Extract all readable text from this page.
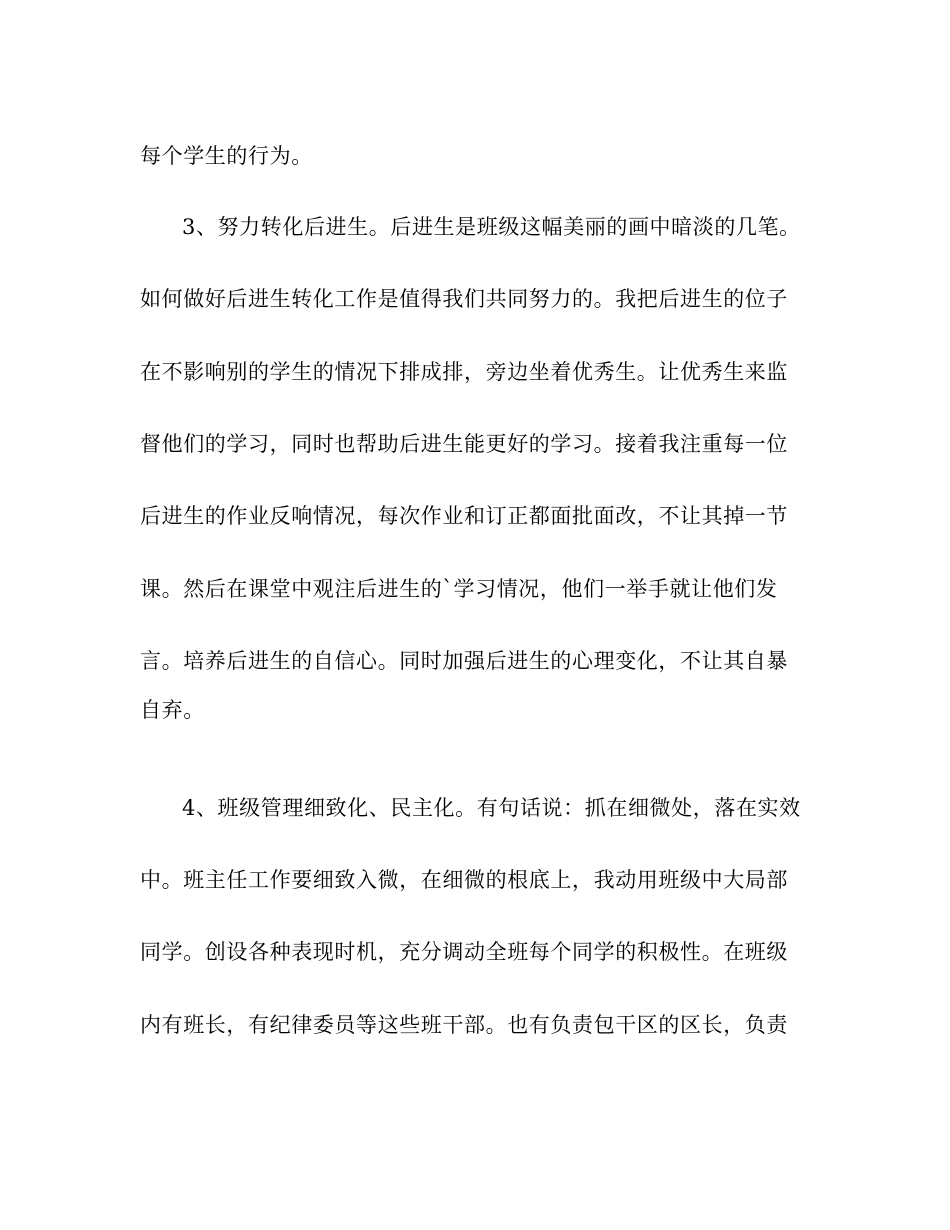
每个学生的行为。
3、努力转化后进生。后进生是班级这幅美丽的画中暗淡的几笔。
如何做好后进生转化工作是值得我们共同努力的。我把后进生的位子
在不影响别的学生的情况下排成排，旁边坐着优秀生。让优秀生来监
督他们的学习，同时也帮助后进生能更好的学习。接着我注重每一位
后进生的作业反响情况，每次作业和订正都面批面改，不让其掉一节
课。然后在课堂中观注后进生的`学习情况，他们一举手就让他们发
言。培养后进生的自信心。同时加强后进生的心理变化，不让其自暴
自弃。
4、班级管理细致化、民主化。有句话说：抓在细微处，落在实效
中。班主任工作要细致入微，在细微的根底上，我动用班级中大局部
同学。创设各种表现时机，充分调动全班每个同学的积极性。在班级
内有班长，有纪律委员等这些班干部。也有负责包干区的区长，负责
